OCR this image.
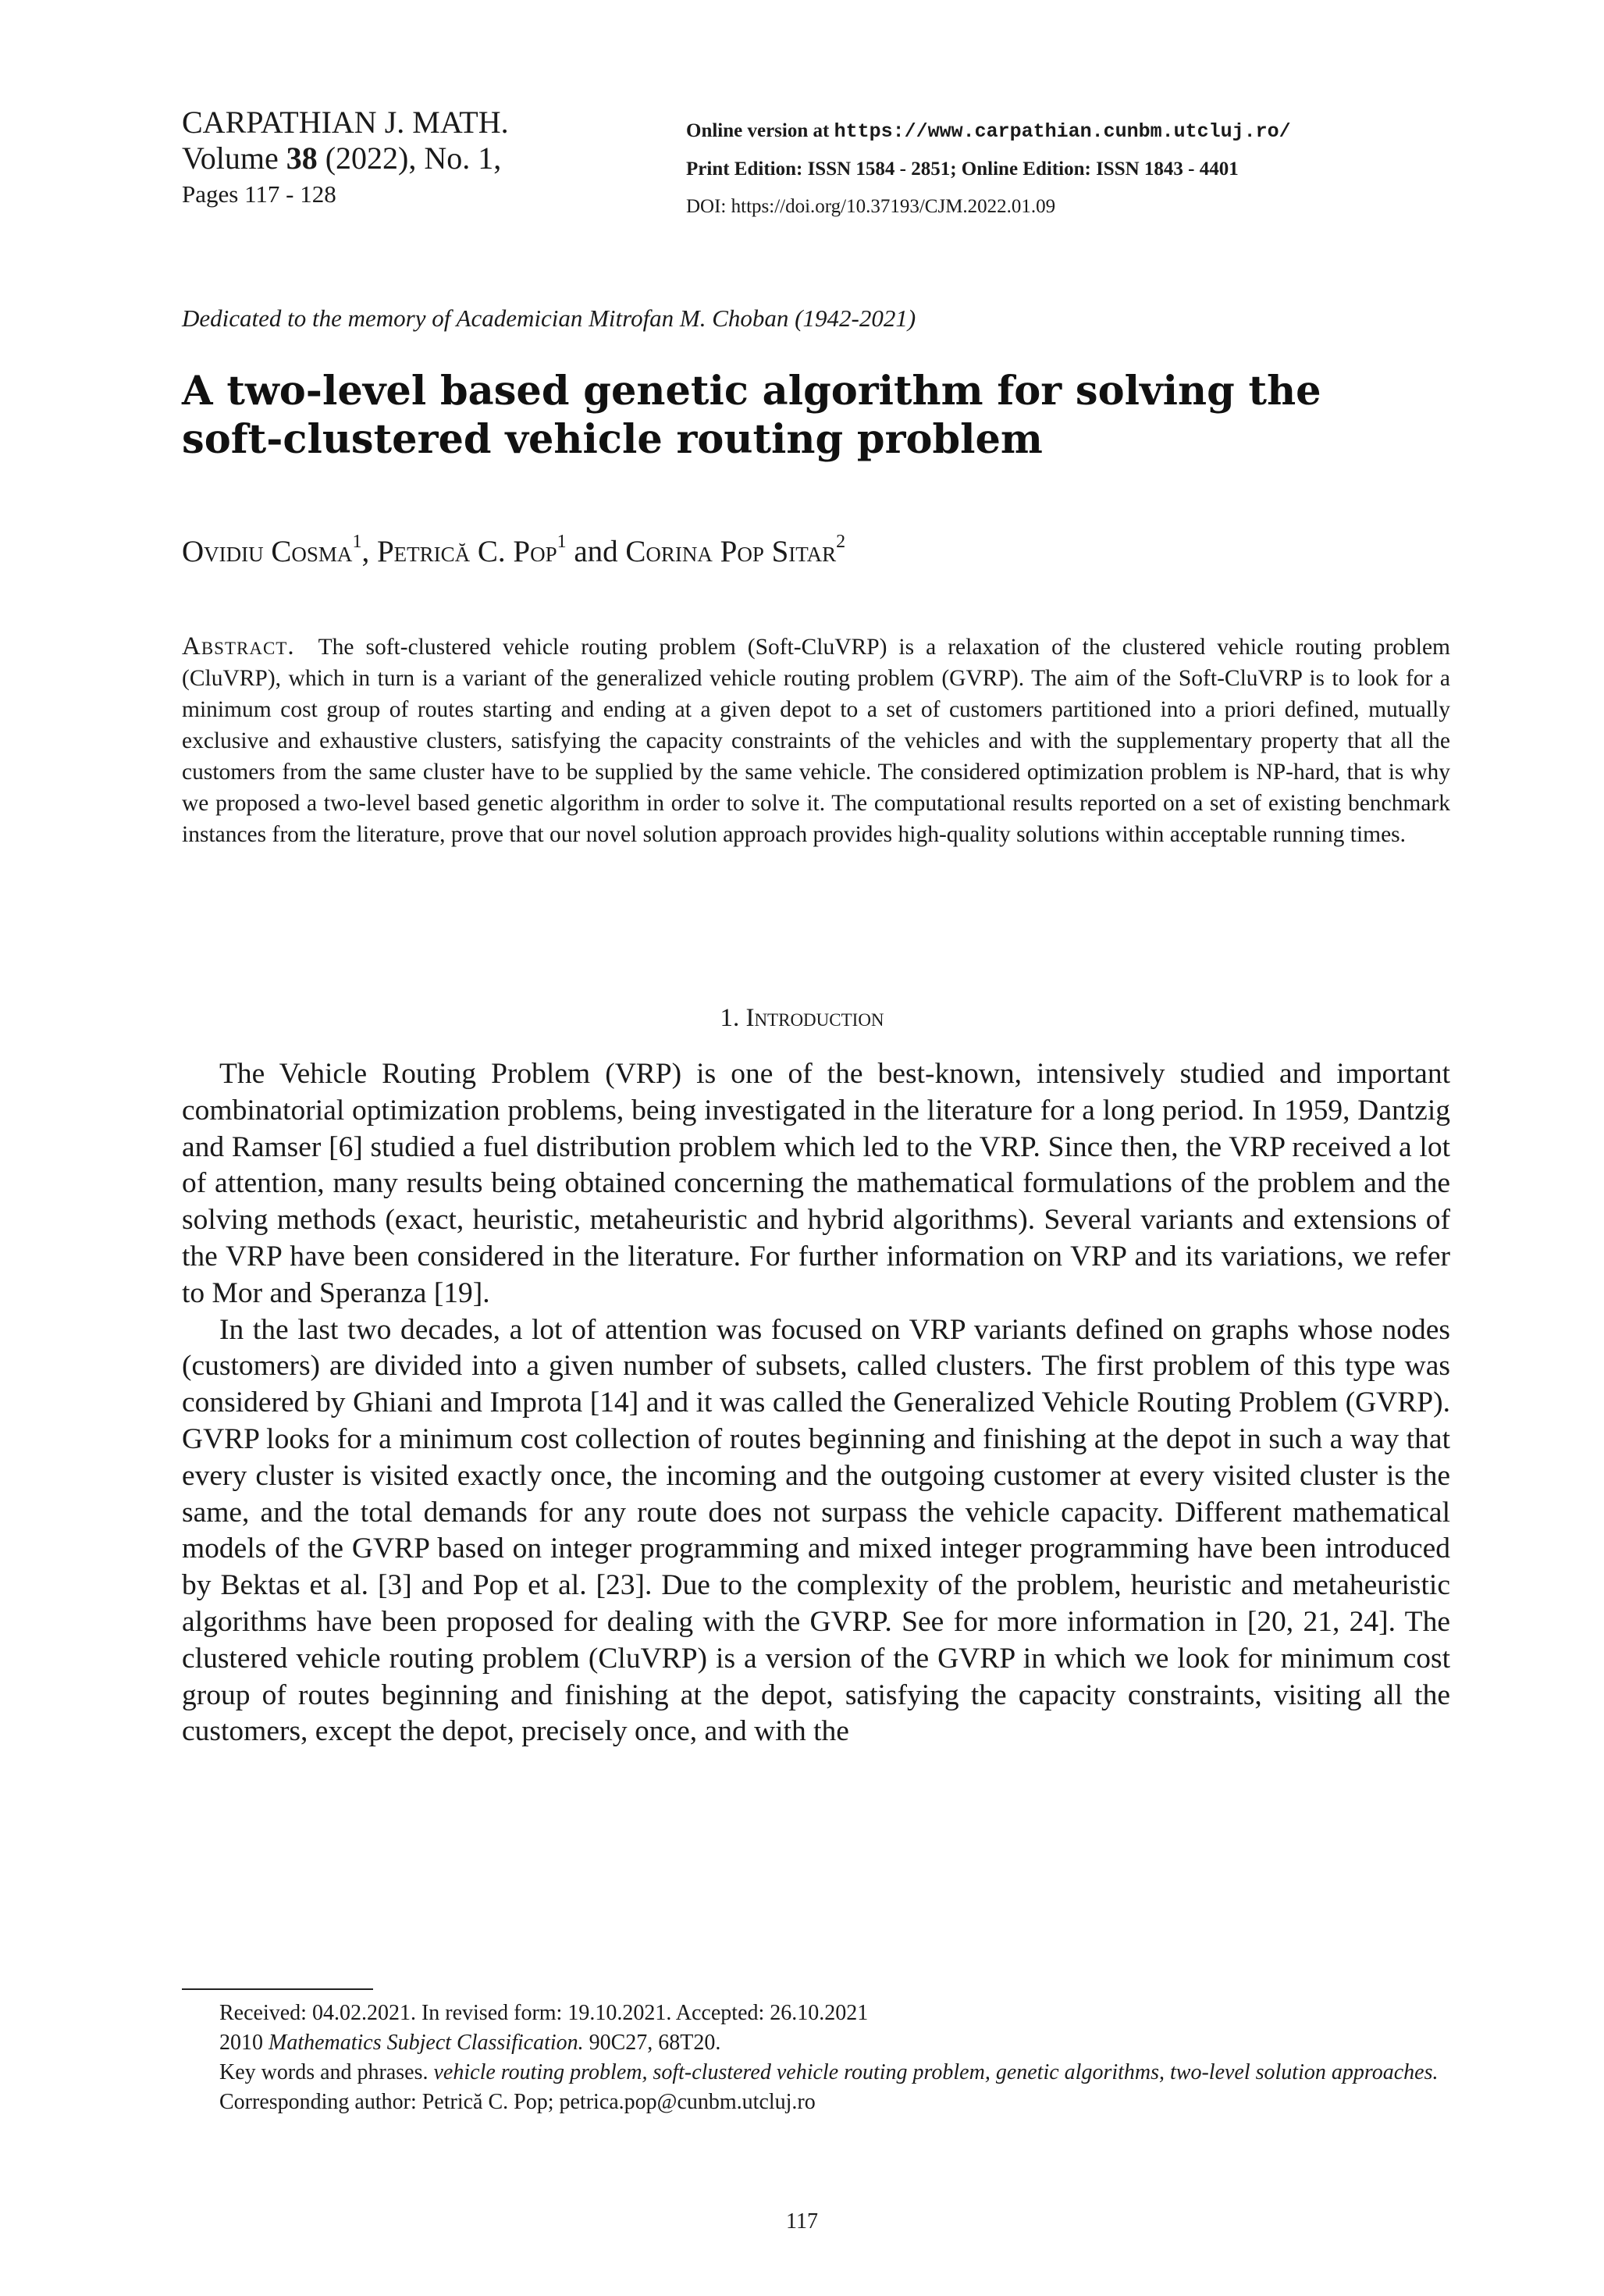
CARPATHIAN J. MATH.
Volume 38 (2022), No. 1,
Pages 117 - 128
Online version at https://www.carpathian.cunbm.utcluj.ro/
Print Edition: ISSN 1584 - 2851; Online Edition: ISSN 1843 - 4401
DOI: https://doi.org/10.37193/CJM.2022.01.09
Dedicated to the memory of Academician Mitrofan M. Choban (1942-2021)
A two-level based genetic algorithm for solving the
soft-clustered vehicle routing problem
Ovidiu Cosma$^1$, Petrică C. Pop$^1$ and Corina Pop Sitar$^2$
Abstract. The soft-clustered vehicle routing problem (Soft-CluVRP) is a relaxation of the clustered vehicle routing problem (CluVRP), which in turn is a variant of the generalized vehicle routing problem (GVRP). The aim of the Soft-CluVRP is to look for a minimum cost group of routes starting and ending at a given depot to a set of customers partitioned into a priori defined, mutually exclusive and exhaustive clusters, satisfying the capacity constraints of the vehicles and with the supplementary property that all the customers from the same cluster have to be supplied by the same vehicle. The considered optimization problem is NP-hard, that is why we proposed a two-level based genetic algorithm in order to solve it. The computational results reported on a set of existing benchmark instances from the literature, prove that our novel solution approach provides high-quality solutions within acceptable running times.
1. Introduction

The Vehicle Routing Problem (VRP) is one of the best-known, intensively studied and important combinatorial optimization problems, being investigated in the literature for a long period. In 1959, Dantzig and Ramser [6] studied a fuel distribution problem which led to the VRP. Since then, the VRP received a lot of attention, many results being obtained concerning the mathematical formulations of the problem and the solving methods (exact, heuristic, metaheuristic and hybrid algorithms). Several variants and extensions of the VRP have been considered in the literature. For further information on VRP and its variations, we refer to Mor and Speranza [19].

In the last two decades, a lot of attention was focused on VRP variants defined on graphs whose nodes (customers) are divided into a given number of subsets, called clusters. The first problem of this type was considered by Ghiani and Improta [14] and it was called the Generalized Vehicle Routing Problem (GVRP). GVRP looks for a minimum cost collection of routes beginning and finishing at the depot in such a way that every cluster is visited exactly once, the incoming and the outgoing customer at every visited cluster is the same, and the total demands for any route does not surpass the vehicle capacity. Different mathematical models of the GVRP based on integer programming and mixed integer programming have been introduced by Bektas et al. [3] and Pop et al. [23]. Due to the complexity of the problem, heuristic and metaheuristic algorithms have been proposed for dealing with the GVRP. See for more information in [20, 21, 24]. The clustered vehicle routing problem (CluVRP) is a version of the GVRP in which we look for minimum cost group of routes beginning and finishing at the depot, satisfying the capacity constraints, visiting all the customers, except the depot, precisely once, and with the

Received: 04.02.2021. In revised form: 19.10.2021. Accepted: 26.10.2021

2010 Mathematics Subject Classification. 90C27, 68T20.

Key words and phrases. vehicle routing problem, soft-clustered vehicle routing problem, genetic algorithms, two-level solution approaches.

Corresponding author: Petrică C. Pop; petrica.pop@cunbm.utcluj.ro

117
